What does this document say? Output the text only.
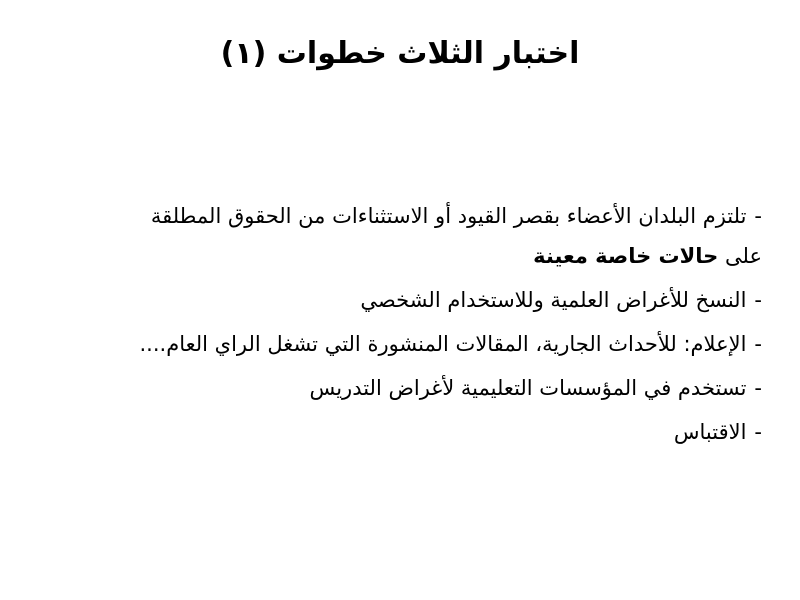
اختبار الثلاث خطوات (١)
-تلتزم البلدان الأعضاء بقصر القيود أو الاستثناءات من الحقوق المطلقة
على حالات خاصة معينة
-النسخ للأغراض العلمية وللاستخدام الشخصي
-الإعلام: للأحداث الجارية، المقالات المنشورة التي تشغل الراي العام....
-تستخدم في المؤسسات التعليمية لأغراض التدريس
-الاقتباس
